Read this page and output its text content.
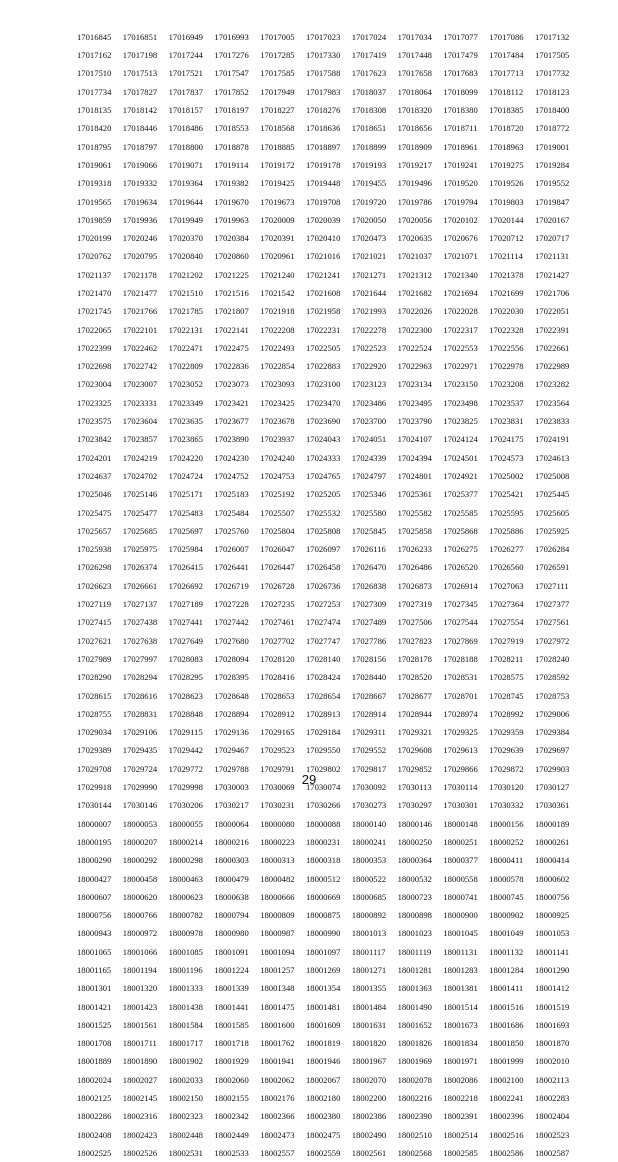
17016845	17016851	17016949	17016993	17017005	17017023	17017024	17017034	17017077	17017086	17017132
17017162	17017198	17017244	17017276	17017285	17017330	17017419	17017448	17017479	17017484	17017505
17017510	17017513	17017521	17017547	17017585	17017588	17017623	17017658	17017683	17017713	17017732
17017734	17017827	17017837	17017852	17017949	17017983	17018037	17018064	17018099	17018112	17018123
17018135	17018142	17018157	17018197	17018227	17018276	17018308	17018320	17018380	17018385	17018400
17018420	17018446	17018486	17018553	17018568	17018636	17018651	17018656	17018711	17018720	17018772
17018795	17018797	17018800	17018878	17018885	17018897	17018899	17018909	17018961	17018963	17019001
17019061	17019066	17019071	17019114	17019172	17019178	17019193	17019217	17019241	17019275	17019284
17019318	17019332	17019364	17019382	17019425	17019448	17019455	17019496	17019520	17019526	17019552
17019565	17019634	17019644	17019670	17019673	17019708	17019720	17019786	17019794	17019803	17019847
17019859	17019936	17019949	17019963	17020009	17020039	17020050	17020056	17020102	17020144	17020167
17020199	17020246	17020370	17020384	17020391	17020410	17020473	17020635	17020676	17020712	17020717
17020762	17020795	17020840	17020860	17020961	17021016	17021021	17021037	17021071	17021114	17021131
17021137	17021178	17021202	17021225	17021240	17021241	17021271	17021312	17021340	17021378	17021427
17021470	17021477	17021510	17021516	17021542	17021608	17021644	17021682	17021694	17021699	17021706
17021745	17021766	17021785	17021807	17021918	17021958	17021993	17022026	17022028	17022030	17022051
17022065	17022101	17022131	17022141	17022208	17022231	17022278	17022300	17022317	17022328	17022391
17022399	17022462	17022471	17022475	17022493	17022505	17022523	17022524	17022553	17022556	17022661
17022698	17022742	17022809	17022836	17022854	17022883	17022920	17022963	17022971	17022978	17022989
17023004	17023007	17023052	17023073	17023093	17023100	17023123	17023134	17023150	17023208	17023282
17023325	17023331	17023349	17023421	17023425	17023470	17023486	17023495	17023498	17023537	17023564
17023575	17023604	17023635	17023677	17023678	17023690	17023700	17023790	17023825	17023831	17023833
17023842	17023857	17023865	17023890	17023937	17024043	17024051	17024107	17024124	17024175	17024191
17024201	17024219	17024220	17024230	17024240	17024333	17024339	17024394	17024501	17024573	17024613
17024637	17024702	17024724	17024752	17024753	17024765	17024797	17024801	17024921	17025002	17025008
17025046	17025146	17025171	17025183	17025192	17025205	17025346	17025361	17025377	17025421	17025445
17025475	17025477	17025483	17025484	17025507	17025532	17025580	17025582	17025585	17025595	17025605
17025657	17025685	17025697	17025760	17025804	17025808	17025845	17025858	17025868	17025886	17025925
17025938	17025975	17025984	17026007	17026047	17026097	17026116	17026233	17026275	17026277	17026284
17026298	17026374	17026415	17026441	17026447	17026458	17026470	17026486	17026520	17026560	17026591
17026623	17026661	17026692	17026719	17026728	17026736	17026838	17026873	17026914	17027063	17027111
17027119	17027137	17027189	17027228	17027235	17027253	17027309	17027319	17027345	17027364	17027377
17027415	17027438	17027441	17027442	17027461	17027474	17027489	17027506	17027544	17027554	17027561
17027621	17027638	17027649	17027680	17027702	17027747	17027786	17027823	17027869	17027919	17027972
17027989	17027997	17028083	17028094	17028120	17028140	17028156	17028178	17028188	17028211	17028240
17028290	17028294	17028295	17028395	17028416	17028424	17028440	17028520	17028531	17028575	17028592
17028615	17028616	17028623	17028648	17028653	17028654	17028667	17028677	17028701	17028745	17028753
17028755	17028831	17028848	17028894	17028912	17028913	17028914	17028944	17028974	17028992	17029006
17029034	17029106	17029115	17029136	17029165	17029184	17029311	17029321	17029325	17029359	17029384
17029389	17029435	17029442	17029467	17029523	17029550	17029552	17029608	17029613	17029639	17029697
17029708	17029724	17029772	17029788	17029791	17029802	17029817	17029852	17029866	17029872	17029903
17029918	17029990	17029998	17030003	17030069	17030074	17030092	17030113	17030114	17030120	17030127
17030144	17030146	17030206	17030217	17030231	17030266	17030273	17030297	17030301	17030332	17030361
18000007	18000053	18000055	18000064	18000080	18000088	18000140	18000146	18000148	18000156	18000189
18000195	18000207	18000214	18000216	18000223	18000231	18000241	18000250	18000251	18000252	18000261
18000290	18000292	18000298	18000303	18000313	18000318	18000353	18000364	18000377	18000411	18000414
18000427	18000458	18000463	18000479	18000482	18000512	18000522	18000532	18000558	18000578	18000602
18000607	18000620	18000623	18000638	18000666	18000669	18000685	18000723	18000741	18000745	18000756
18000756	18000766	18000782	18000794	18000809	18000875	18000892	18000898	18000900	18000902	18000925
18000943	18000972	18000978	18000980	18000987	18000990	18001013	18001023	18001045	18001049	18001053
18001065	18001066	18001085	18001091	18001094	18001097	18001117	18001119	18001131	18001132	18001141
18001165	18001194	18001196	18001224	18001257	18001269	18001271	18001281	18001283	18001284	18001290
18001301	18001320	18001333	18001339	18001348	18001354	18001355	18001363	18001381	18001411	18001412
18001421	18001423	18001438	18001441	18001475	18001481	18001484	18001490	18001514	18001516	18001519
18001525	18001561	18001584	18001585	18001600	18001609	18001631	18001652	18001673	18001686	18001693
18001708	18001711	18001717	18001718	18001762	18001819	18001820	18001826	18001834	18001850	18001870
18001889	18001890	18001902	18001929	18001941	18001946	18001967	18001969	18001971	18001999	18002010
18002024	18002027	18002033	18002060	18002062	18002067	18002070	18002078	18002086	18002100	18002113
18002125	18002145	18002150	18002155	18002176	18002180	18002200	18002216	18002218	18002241	18002283
18002286	18002316	18002323	18002342	18002366	18002380	18002386	18002390	18002391	18002396	18002404
18002408	18002423	18002448	18002449	18002473	18002475	18002490	18002510	18002514	18002516	18002523
18002525	18002526	18002531	18002533	18002557	18002559	18002561	18002568	18002585	18002586	18002587
29
